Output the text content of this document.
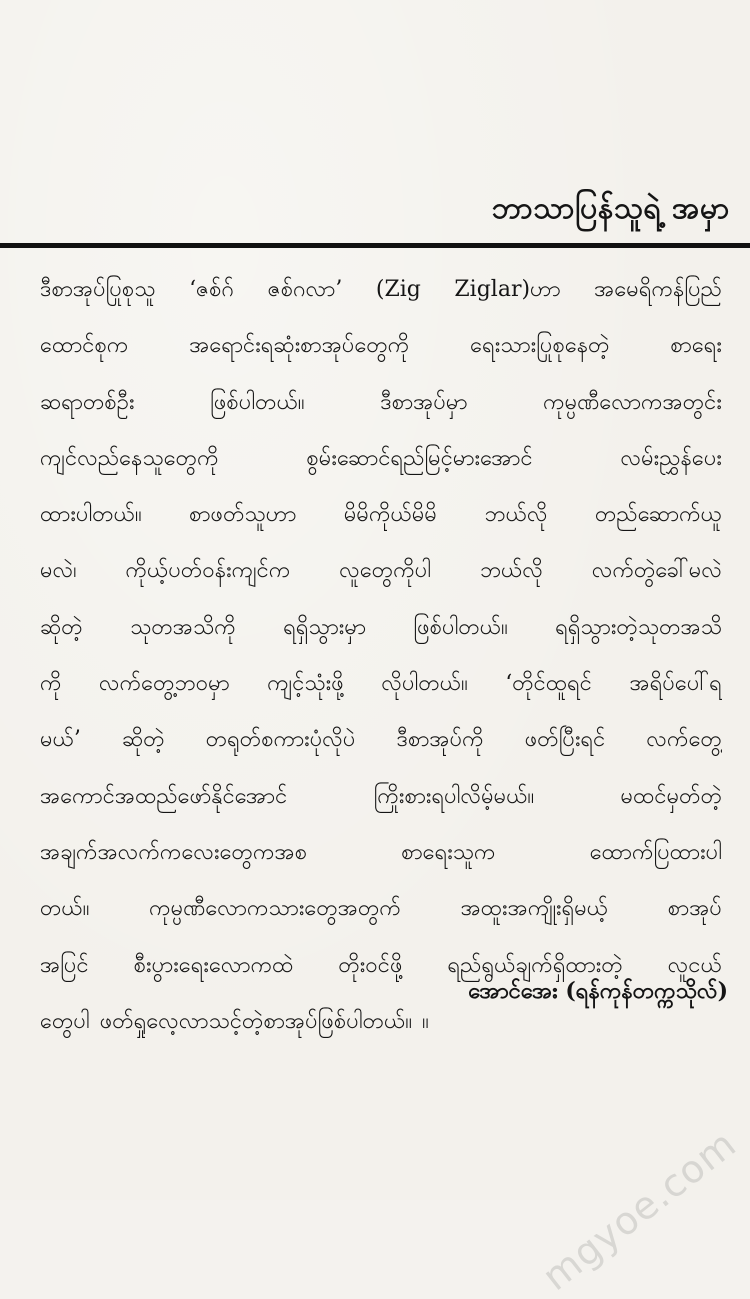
ဘာသာပြန်သူရဲ့ အမှာ
ဒီစာအုပ်ပြုစုသူ ‘ဇစ်ဂ် ဇစ်ဂလာ’ (Zig Ziglar)ဟာ အမေရိကန်ပြည်
ထောင်စုက	အရောင်းရဆုံးစာအုပ်တွေကို	ရေးသားပြုစုနေတဲ့	စာရေး
ဆရာတစ်ဦး	ဖြစ်ပါတယ်။	ဒီစာအုပ်မှာ	ကုမ္ပဏီလောကအတွင်း
ကျင်လည်နေသူတွေကို	စွမ်းဆောင်ရည်မြင့်မားအောင်	လမ်းညွှန်ပေး
ထားပါတယ်။ စာဖတ်သူဟာ မိမိကိုယ်မိမိ ဘယ်လို တည်ဆောက်ယူ
မလဲ၊ ကိုယ့်ပတ်ဝန်းကျင်က လူတွေကိုပါ ဘယ်လို လက်တွဲခေါ်မလဲ
ဆိုတဲ့ သုတအသိကို ရရှိသွားမှာ ဖြစ်ပါတယ်။ ရရှိသွားတဲ့သုတအသိ
ကို လက်တွေ့ဘဝမှာ ကျင့်သုံးဖို့ လိုပါတယ်။ ‘တိုင်ထူရင် အရိပ်ပေါ်ရ
မယ်’ ဆိုတဲ့ တရုတ်စကားပုံလိုပဲ ဒီစာအုပ်ကို ဖတ်ပြီးရင် လက်တွေ့
အကောင်အထည်ဖော်နိုင်အောင်	ကြိုးစားရပါလိမ့်မယ်။	မထင်မှတ်တဲ့
အချက်အလက်ကလေးတွေကအစ	စာရေးသူက	ထောက်ပြထားပါ
တယ်။	ကုမ္ပဏီလောကသားတွေအတွက်	အထူးအကျိုးရှိမယ့်	စာအုပ်
အပြင် စီးပွားရေးလောကထဲ တိုးဝင်ဖို့ ရည်ရွယ်ချက်ရှိထားတဲ့ လူငယ်
တွေပါ ဖတ်ရှုလေ့လာသင့်တဲ့စာအုပ်ဖြစ်ပါတယ်။ ။
အောင်အေး (ရန်ကုန်တက္ကသိုလ်)
mgyoe.com
